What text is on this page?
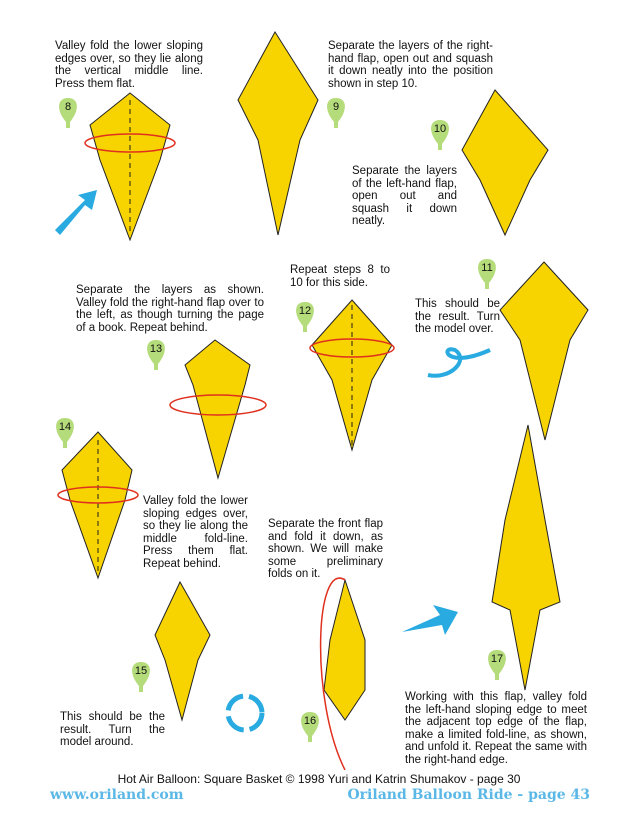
Valley fold the lower sloping edges over, so they lie along the vertical middle line. Press them flat.
Separate the layers of the right-hand flap, open out and squash it down neatly into the position shown in step 10.
Separate the layers of the left-hand flap, open out and squash it down neatly.
This should be the result. Turn the model over.
Repeat steps 8 to 10 for this side.
Separate the layers as shown. Valley fold the right-hand flap over to the left, as though turning the page of a book. Repeat behind.
Valley fold the lower sloping edges over, so they lie along the middle fold-line. Press them flat. Repeat behind.
This should be the result. Turn the model around.
Separate the front flap and fold it down, as shown. We will make some preliminary folds on it.
Working with this flap, valley fold the left-hand sloping edge to meet the adjacent top edge of the flap, make a limited fold-line, as shown, and unfold it. Repeat the same with the right-hand edge.
8	9
10
11
12
13
14
15
16
17
Hot Air Balloon: Square Basket © 1998 Yuri and Katrin Shumakov - page 30
www.oriland.com	Oriland Balloon Ride - page 43
